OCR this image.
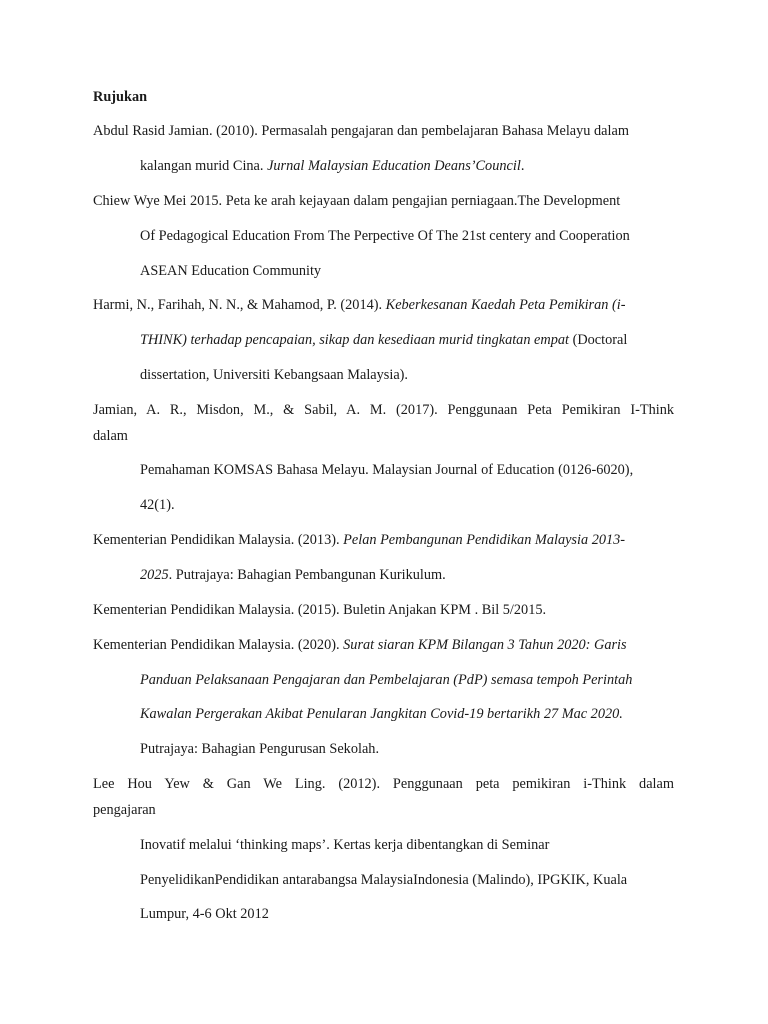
Rujukan
Abdul Rasid Jamian. (2010). Permasalah pengajaran dan pembelajaran Bahasa Melayu dalam
kalangan murid Cina. Jurnal Malaysian Education Deans’Council.
Chiew Wye Mei 2015. Peta ke arah kejayaan dalam pengajian perniagaan.The Development
Of Pedagogical Education From The Perpective Of The 21st centery and Cooperation
ASEAN Education Community
Harmi, N., Farihah, N. N., & Mahamod, P. (2014). Keberkesanan Kaedah Peta Pemikiran (i-
THINK) terhadap pencapaian, sikap dan kesediaan murid tingkatan empat (Doctoral
dissertation, Universiti Kebangsaan Malaysia).
Jamian, A. R., Misdon, M., & Sabil, A. M. (2017). Penggunaan Peta Pemikiran I-Think
dalam
Pemahaman KOMSAS Bahasa Melayu. Malaysian Journal of Education (0126-6020),
42(1).
Kementerian Pendidikan Malaysia. (2013). Pelan Pembangunan Pendidikan Malaysia 2013-
2025. Putrajaya: Bahagian Pembangunan Kurikulum.
Kementerian Pendidikan Malaysia. (2015). Buletin Anjakan KPM . Bil 5/2015.
Kementerian Pendidikan Malaysia. (2020). Surat siaran KPM Bilangan 3 Tahun 2020: Garis
Panduan Pelaksanaan Pengajaran dan Pembelajaran (PdP) semasa tempoh Perintah
Kawalan Pergerakan Akibat Penularan Jangkitan Covid-19 bertarikh 27 Mac 2020.
Putrajaya: Bahagian Pengurusan Sekolah.
Lee Hou Yew & Gan We Ling. (2012). Penggunaan peta pemikiran i-Think dalam
pengajaran
Inovatif melalui ‘thinking maps’. Kertas kerja dibentangkan di Seminar
PenyelidikanPendidikan antarabangsa MalaysiaIndonesia (Malindo), IPGKIK, Kuala
Lumpur, 4-6 Okt 2012
